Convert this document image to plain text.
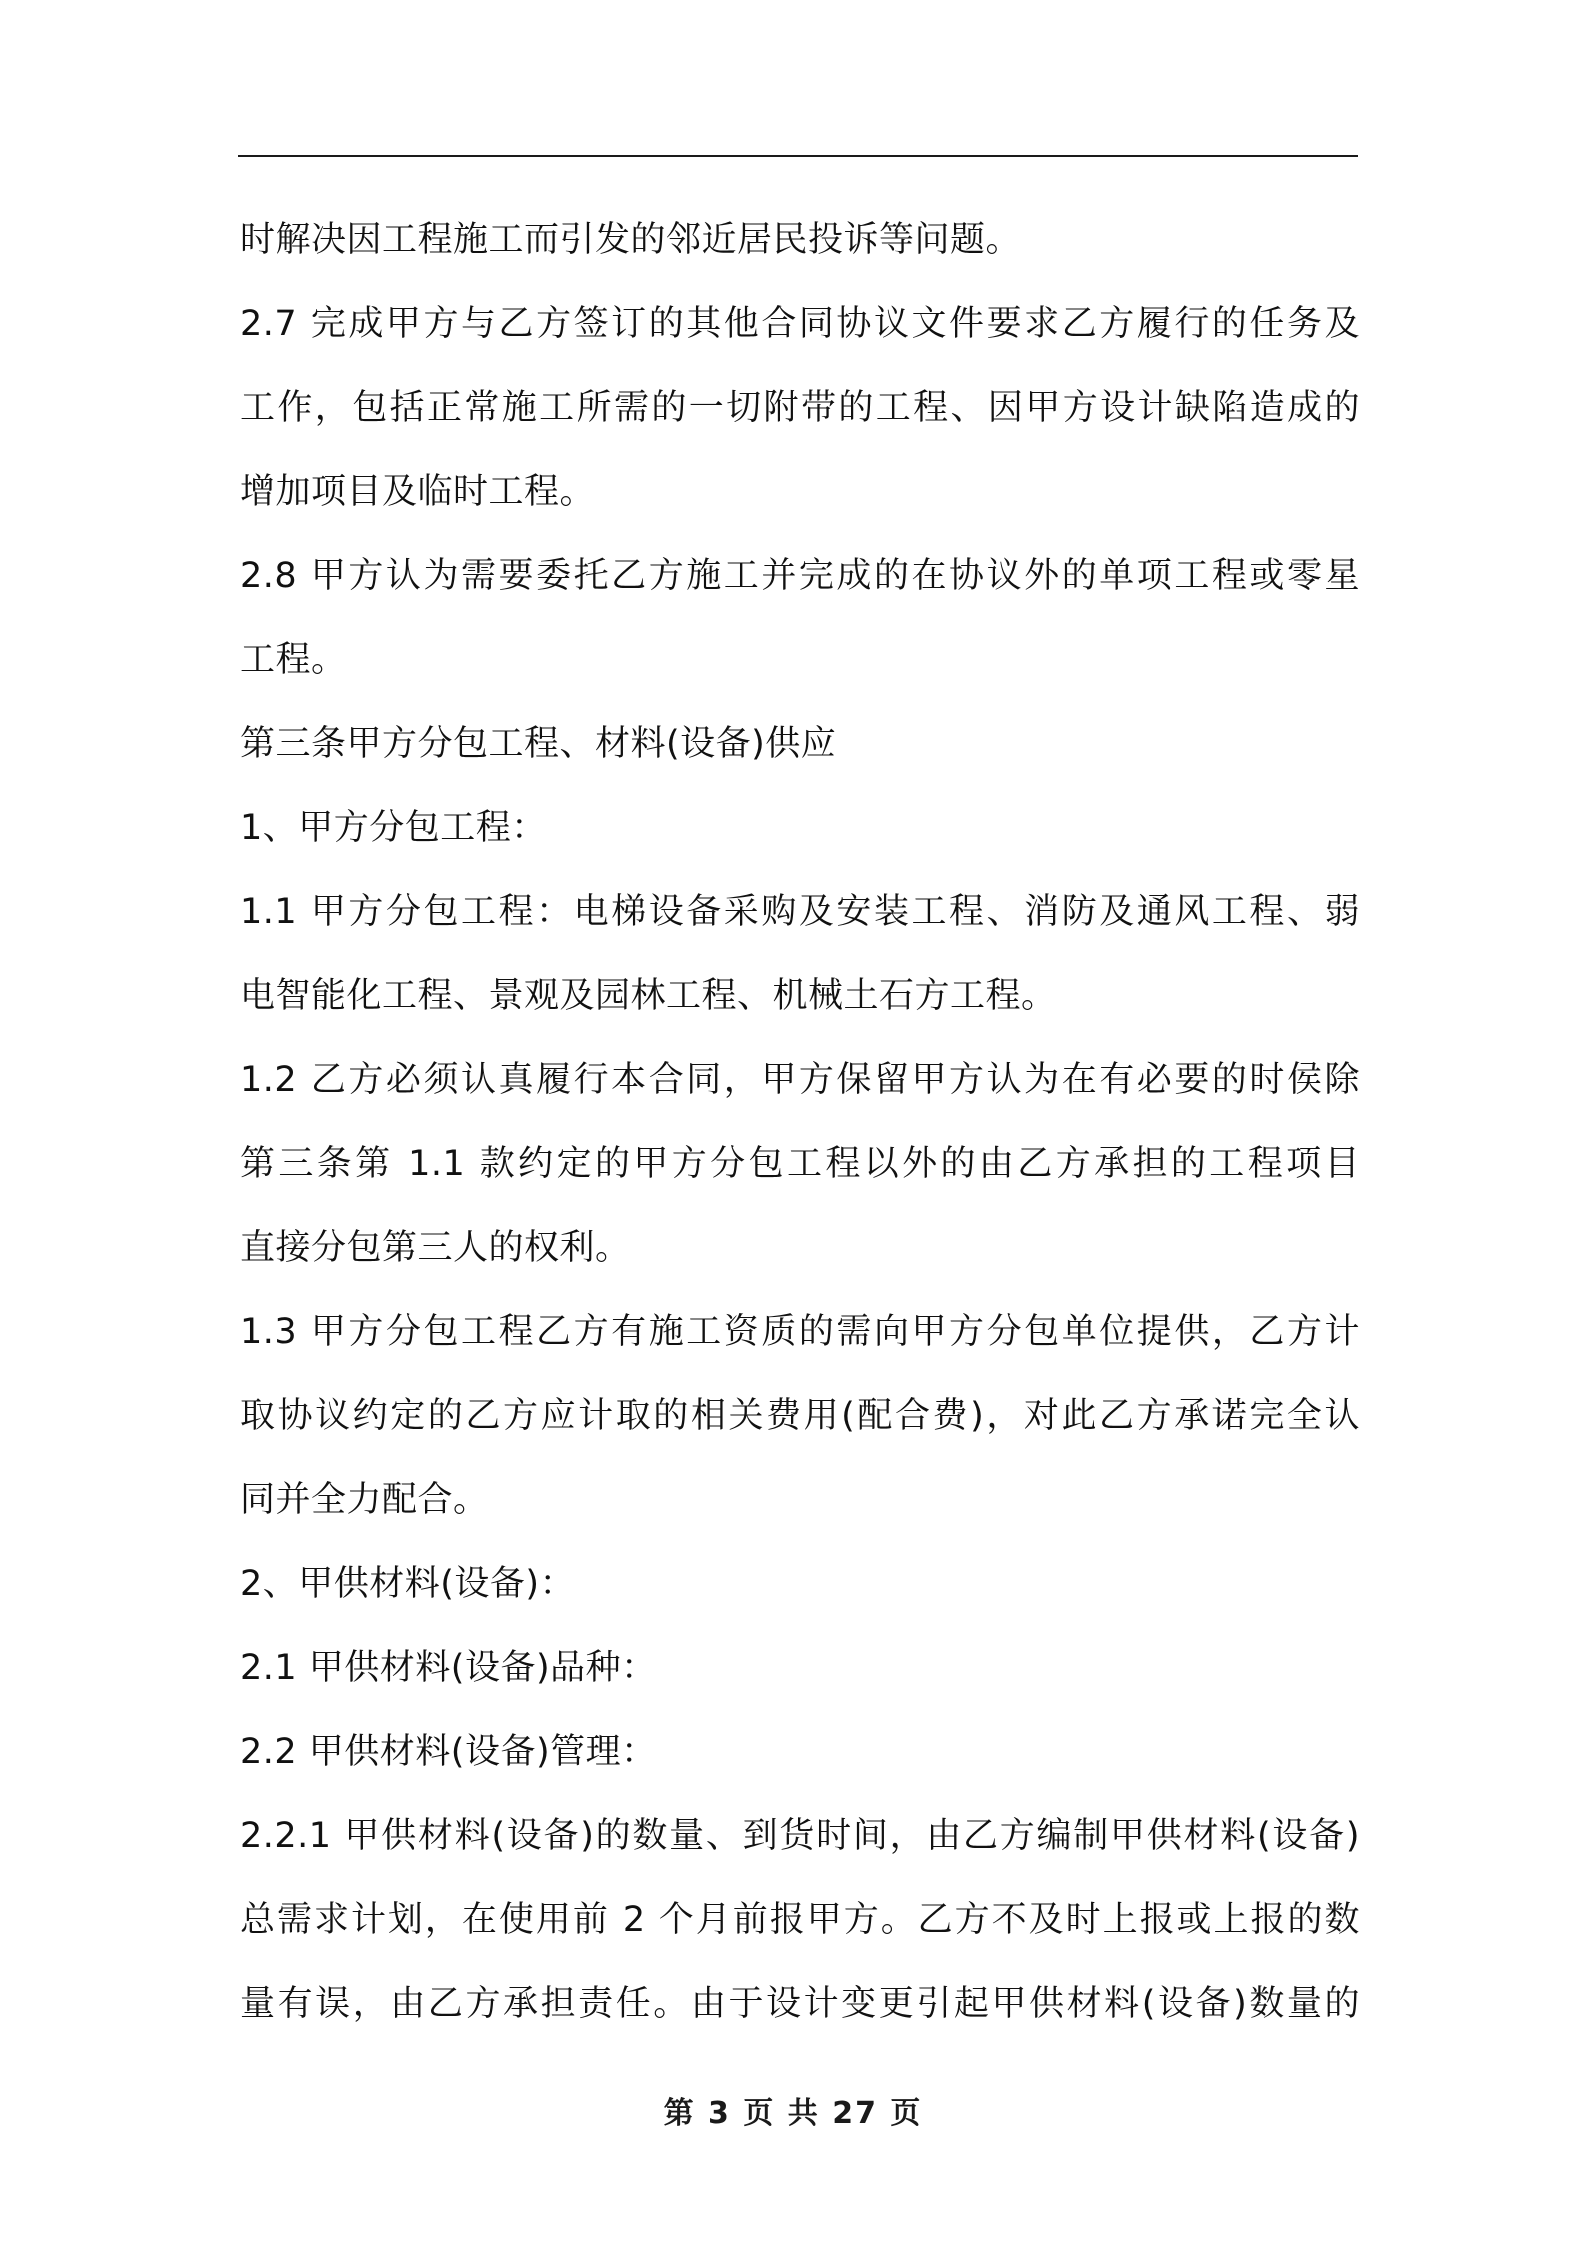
时解决因工程施工而引发的邻近居民投诉等问题。
2.7 完成甲方与乙方签订的其他合同协议文件要求乙方履行的任务及
工作，包括正常施工所需的一切附带的工程、因甲方设计缺陷造成的
增加项目及临时工程。
2.8 甲方认为需要委托乙方施工并完成的在协议外的单项工程或零星
工程。
第三条甲方分包工程、材料(设备)供应
1、甲方分包工程：
1.1 甲方分包工程：电梯设备采购及安装工程、消防及通风工程、弱
电智能化工程、景观及园林工程、机械土石方工程。
1.2 乙方必须认真履行本合同，甲方保留甲方认为在有必要的时侯除
第三条第 1.1 款约定的甲方分包工程以外的由乙方承担的工程项目
直接分包第三人的权利。
1.3 甲方分包工程乙方有施工资质的需向甲方分包单位提供，乙方计
取协议约定的乙方应计取的相关费用(配合费)，对此乙方承诺完全认
同并全力配合。
2、甲供材料(设备)：
2.1 甲供材料(设备)品种：
2.2 甲供材料(设备)管理：
2.2.1 甲供材料(设备)的数量、到货时间，由乙方编制甲供材料(设备)
总需求计划，在使用前 2 个月前报甲方。乙方不及时上报或上报的数
量有误，由乙方承担责任。由于设计变更引起甲供材料(设备)数量的
第 3 页 共 27 页
